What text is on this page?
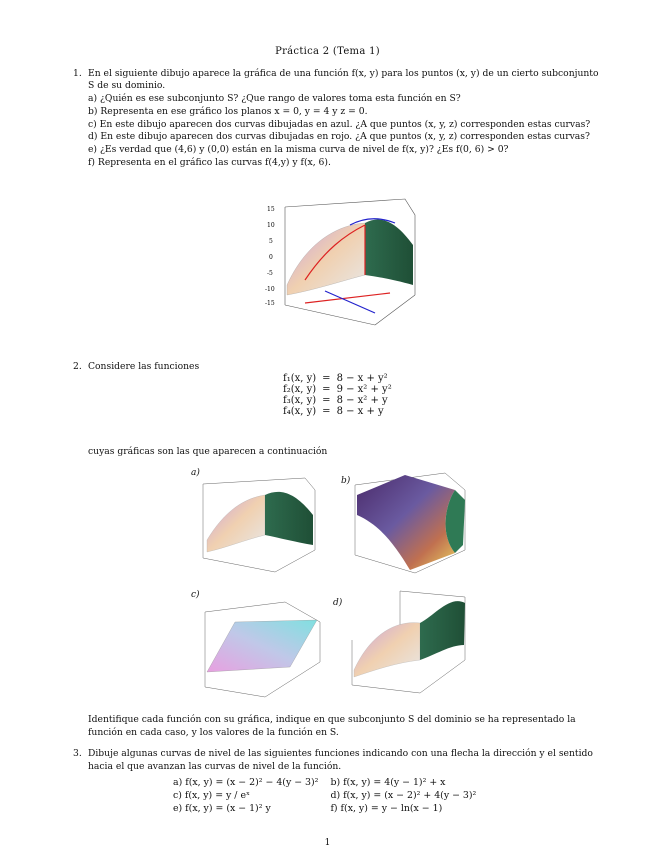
Práctica 2 (Tema 1)
1. En el siguiente dibujo aparece la gráfica de una función f(x, y) para los puntos (x, y) de un cierto subconjunto
S de su dominio.
a) ¿Quién es ese subconjunto S? ¿Que rango de valores toma esta función en S?
b) Representa en ese gráfico los planos x = 0, y = 4 y z = 0.
c) En este dibujo aparecen dos curvas dibujadas en azul. ¿A que puntos (x, y, z) corresponden estas curvas?
d) En este dibujo aparecen dos curvas dibujadas en rojo. ¿A que puntos (x, y, z) corresponden estas curvas?
e) ¿Es verdad que (4,6) y (0,0) están en la misma curva de nivel de f(x, y)? ¿Es f(0, 6) > 0?
f) Representa en el gráfico las curvas f(4,y) y f(x, 6).
15
10
5
0
-5
-10
-15
2. Considere las funciones
f₁(x, y)	=	8 − x + y²
f₂(x, y)	=	9 − x² + y²
f₃(x, y)	=	8 − x² + y
f₄(x, y)	=	8 − x + y
cuyas gráficas son las que aparecen a continuación
a)
b)
c)
d)
Identifique cada función con su gráfica, indique en que subconjunto S del dominio se ha representado la
función en cada caso, y los valores de la función en S.
3. Dibuje algunas curvas de nivel de las siguientes funciones indicando con una flecha la dirección y el sentido
hacia el que avanzan las curvas de nivel de la función.
a) f(x, y) = (x − 2)² − 4(y − 3)²	b) f(x, y) = 4(y − 1)² + x
c) f(x, y) = y / eˣ	d) f(x, y) = (x − 2)² + 4(y − 3)²
e) f(x, y) = (x − 1)² y	f) f(x, y) = y − ln(x − 1)
1
